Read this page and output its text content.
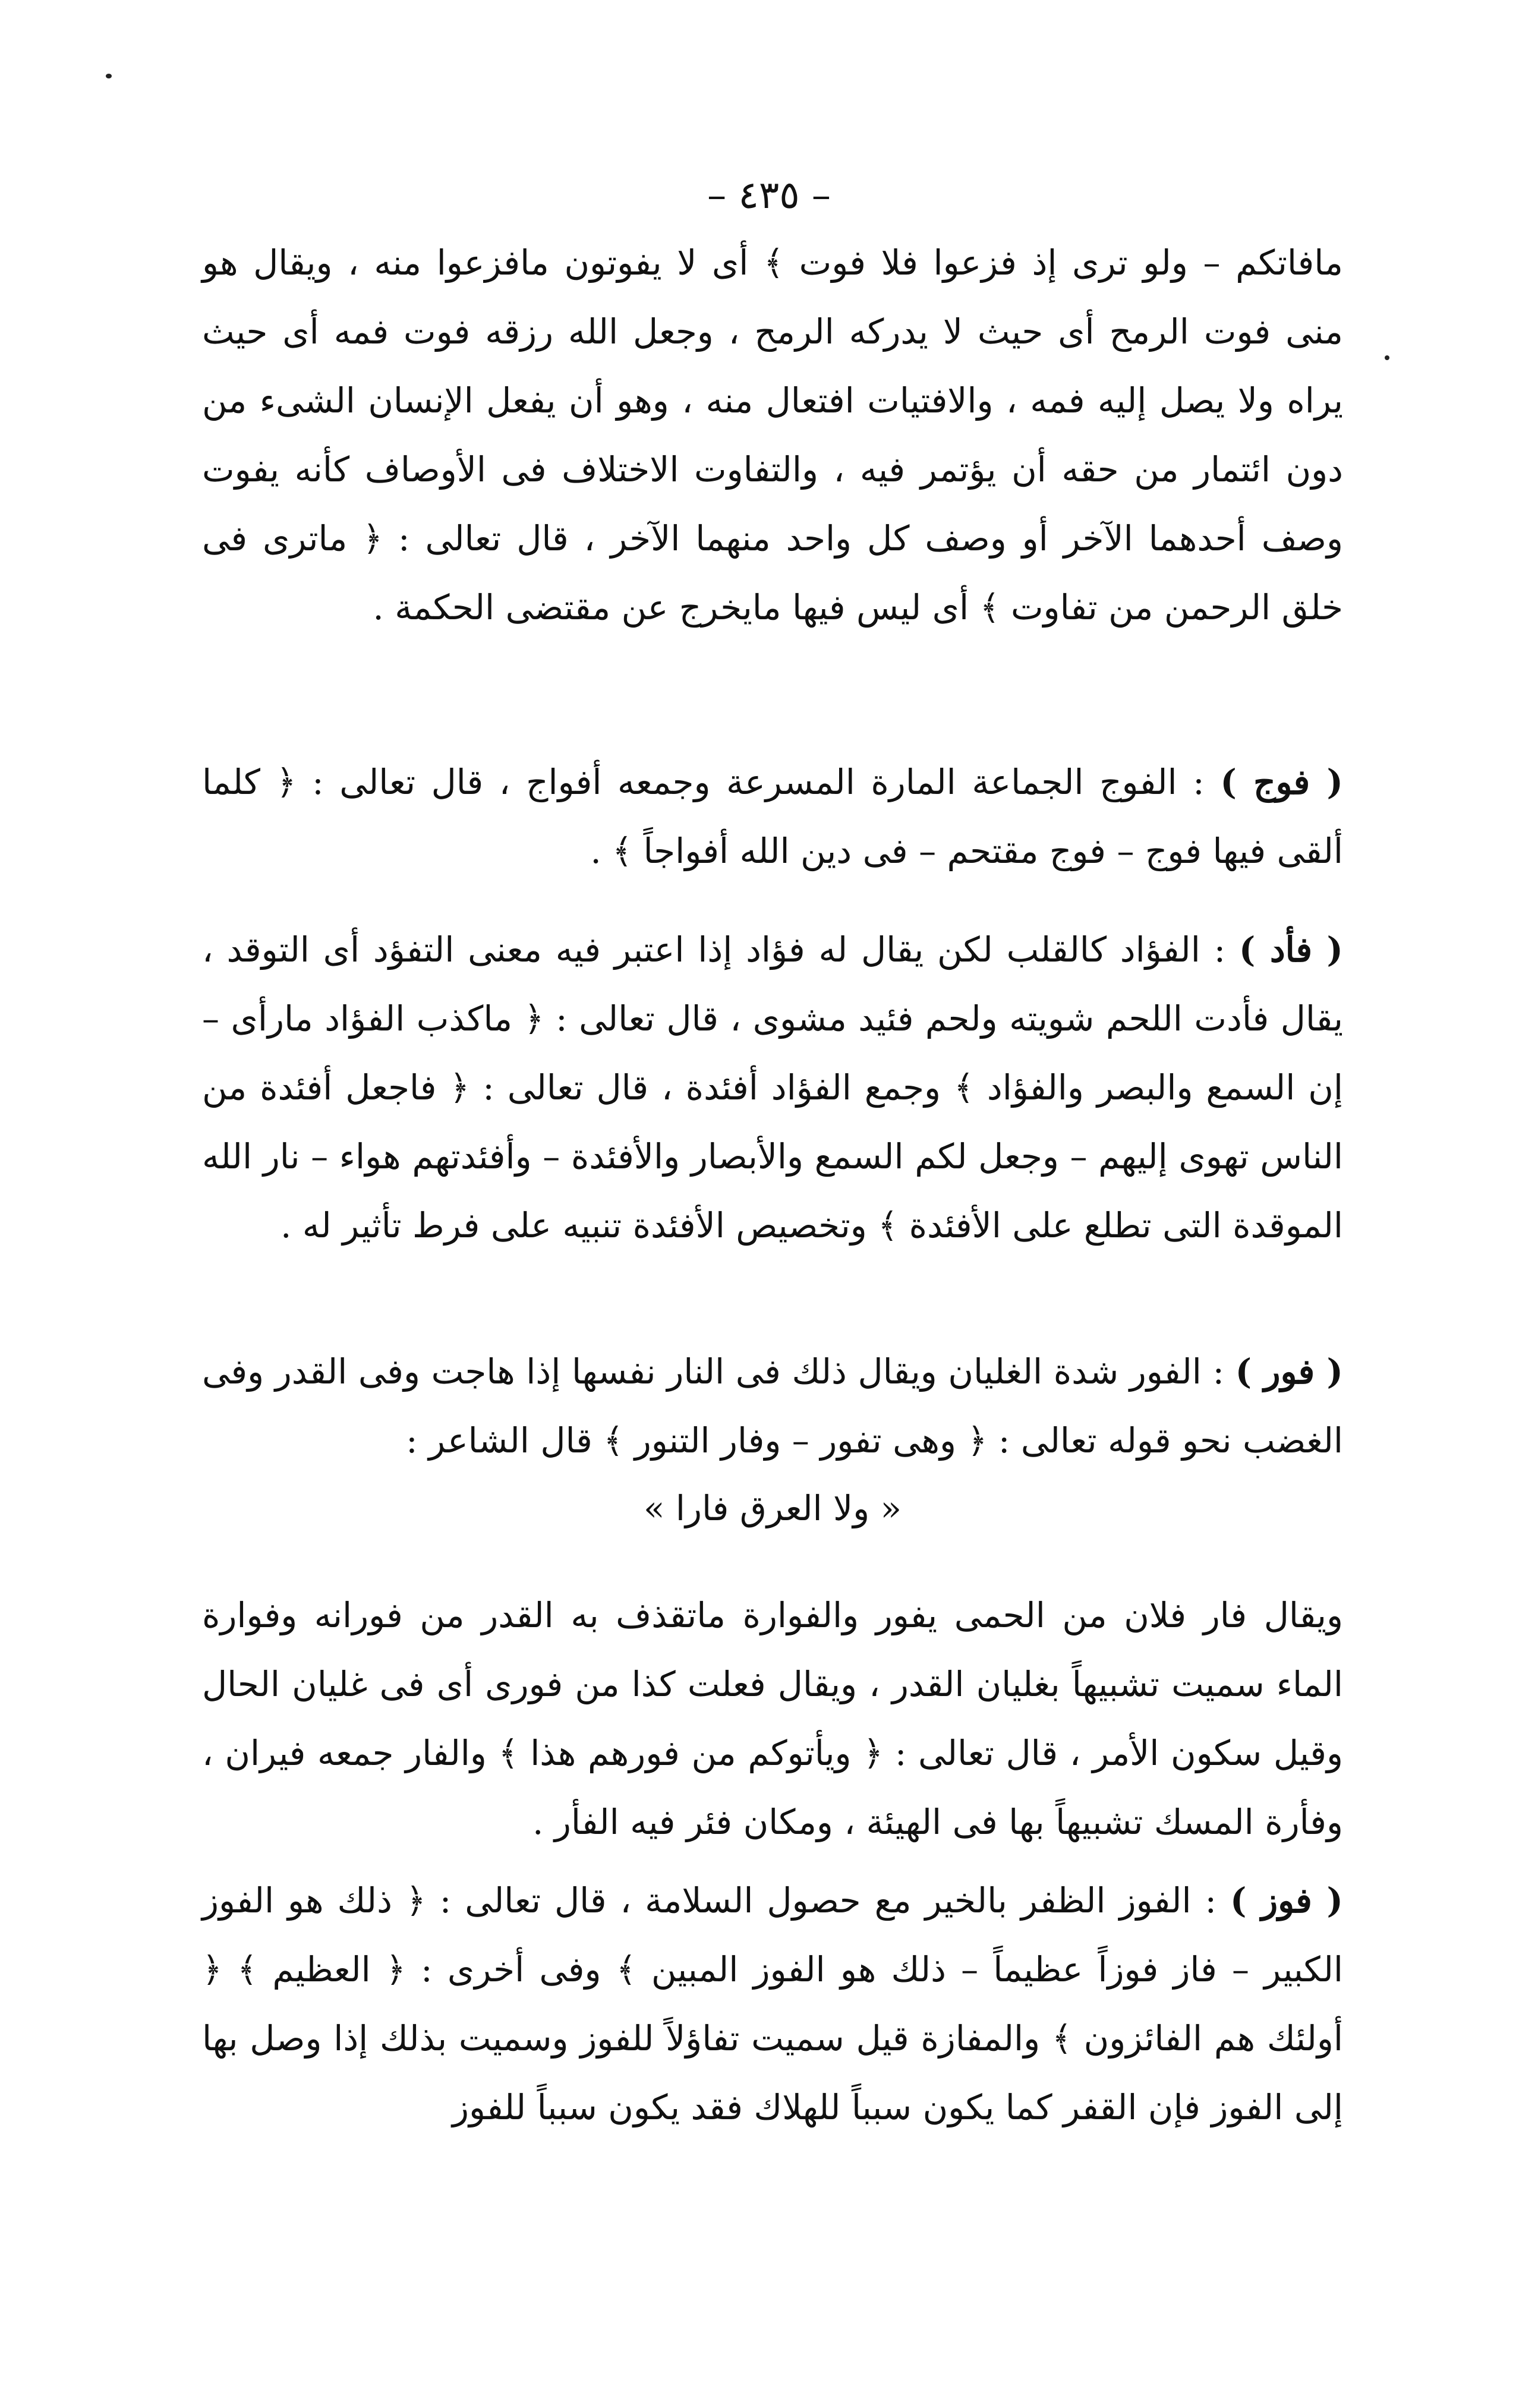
– ٤٣٥ –

مافاتكم – ولو ترى إذ فزعوا فلا فوت ﴾ أى لا يفوتون مافزعوا منه ، ويقال هو منى فوت الرمح أى حيث لا يدركه الرمح ، وجعل الله رزقه فوت فمه أى حيث يراه ولا يصل إليه فمه ، والافتيات افتعال منه ، وهو أن يفعل الإنسان الشىء من دون ائتمار من حقه أن يؤتمر فيه ، والتفاوت الاختلاف فى الأوصاف كأنه يفوت وصف أحدهما الآخر أو وصف كل واحد منهما الآخر ، قال تعالى : ﴿ ماترى فى خلق الرحمن من تفاوت ﴾ أى ليس فيها مايخرج عن مقتضى الحكمة .

( فوج ) : الفوج الجماعة المارة المسرعة وجمعه أفواج ، قال تعالى : ﴿ كلما ألقى فيها فوج – فوج مقتحم – فى دين الله أفواجاً ﴾ .

( فأد ) : الفؤاد كالقلب لكن يقال له فؤاد إذا اعتبر فيه معنى التفؤد أى التوقد ، يقال فأدت اللحم شويته ولحم فئيد مشوى ، قال تعالى : ﴿ ماكذب الفؤاد مارأى – إن السمع والبصر والفؤاد ﴾ وجمع الفؤاد أفئدة ، قال تعالى : ﴿ فاجعل أفئدة من الناس تهوى إليهم – وجعل لكم السمع والأبصار والأفئدة – وأفئدتهم هواء – نار الله الموقدة التى تطلع على الأفئدة ﴾ وتخصيص الأفئدة تنبيه على فرط تأثير له .

( فور ) : الفور شدة الغليان ويقال ذلك فى النار نفسها إذا هاجت وفى القدر وفى الغضب نحو قوله تعالى : ﴿ وهى تفور – وفار التنور ﴾ قال الشاعر :

« ولا العرق فارا »

ويقال فار فلان من الحمى يفور والفوارة ماتقذف به القدر من فورانه وفوارة الماء سميت تشبيهاً بغليان القدر ، ويقال فعلت كذا من فورى أى فى غليان الحال وقيل سكون الأمر ، قال تعالى : ﴿ ويأتوكم من فورهم هذا ﴾ والفار جمعه فيران ، وفأرة المسك تشبيهاً بها فى الهيئة ، ومكان فئر فيه الفأر .

( فوز ) : الفوز الظفر بالخير مع حصول السلامة ، قال تعالى : ﴿ ذلك هو الفوز الكبير – فاز فوزاً عظيماً – ذلك هو الفوز المبين ﴾ وفى أخرى : ﴿ العظيم ﴾ ﴿ أولئك هم الفائزون ﴾ والمفازة قيل سميت تفاؤلاً للفوز وسميت بذلك إذا وصل بها إلى الفوز فإن القفر كما يكون سبباً للهلاك فقد يكون سبباً للفوز
